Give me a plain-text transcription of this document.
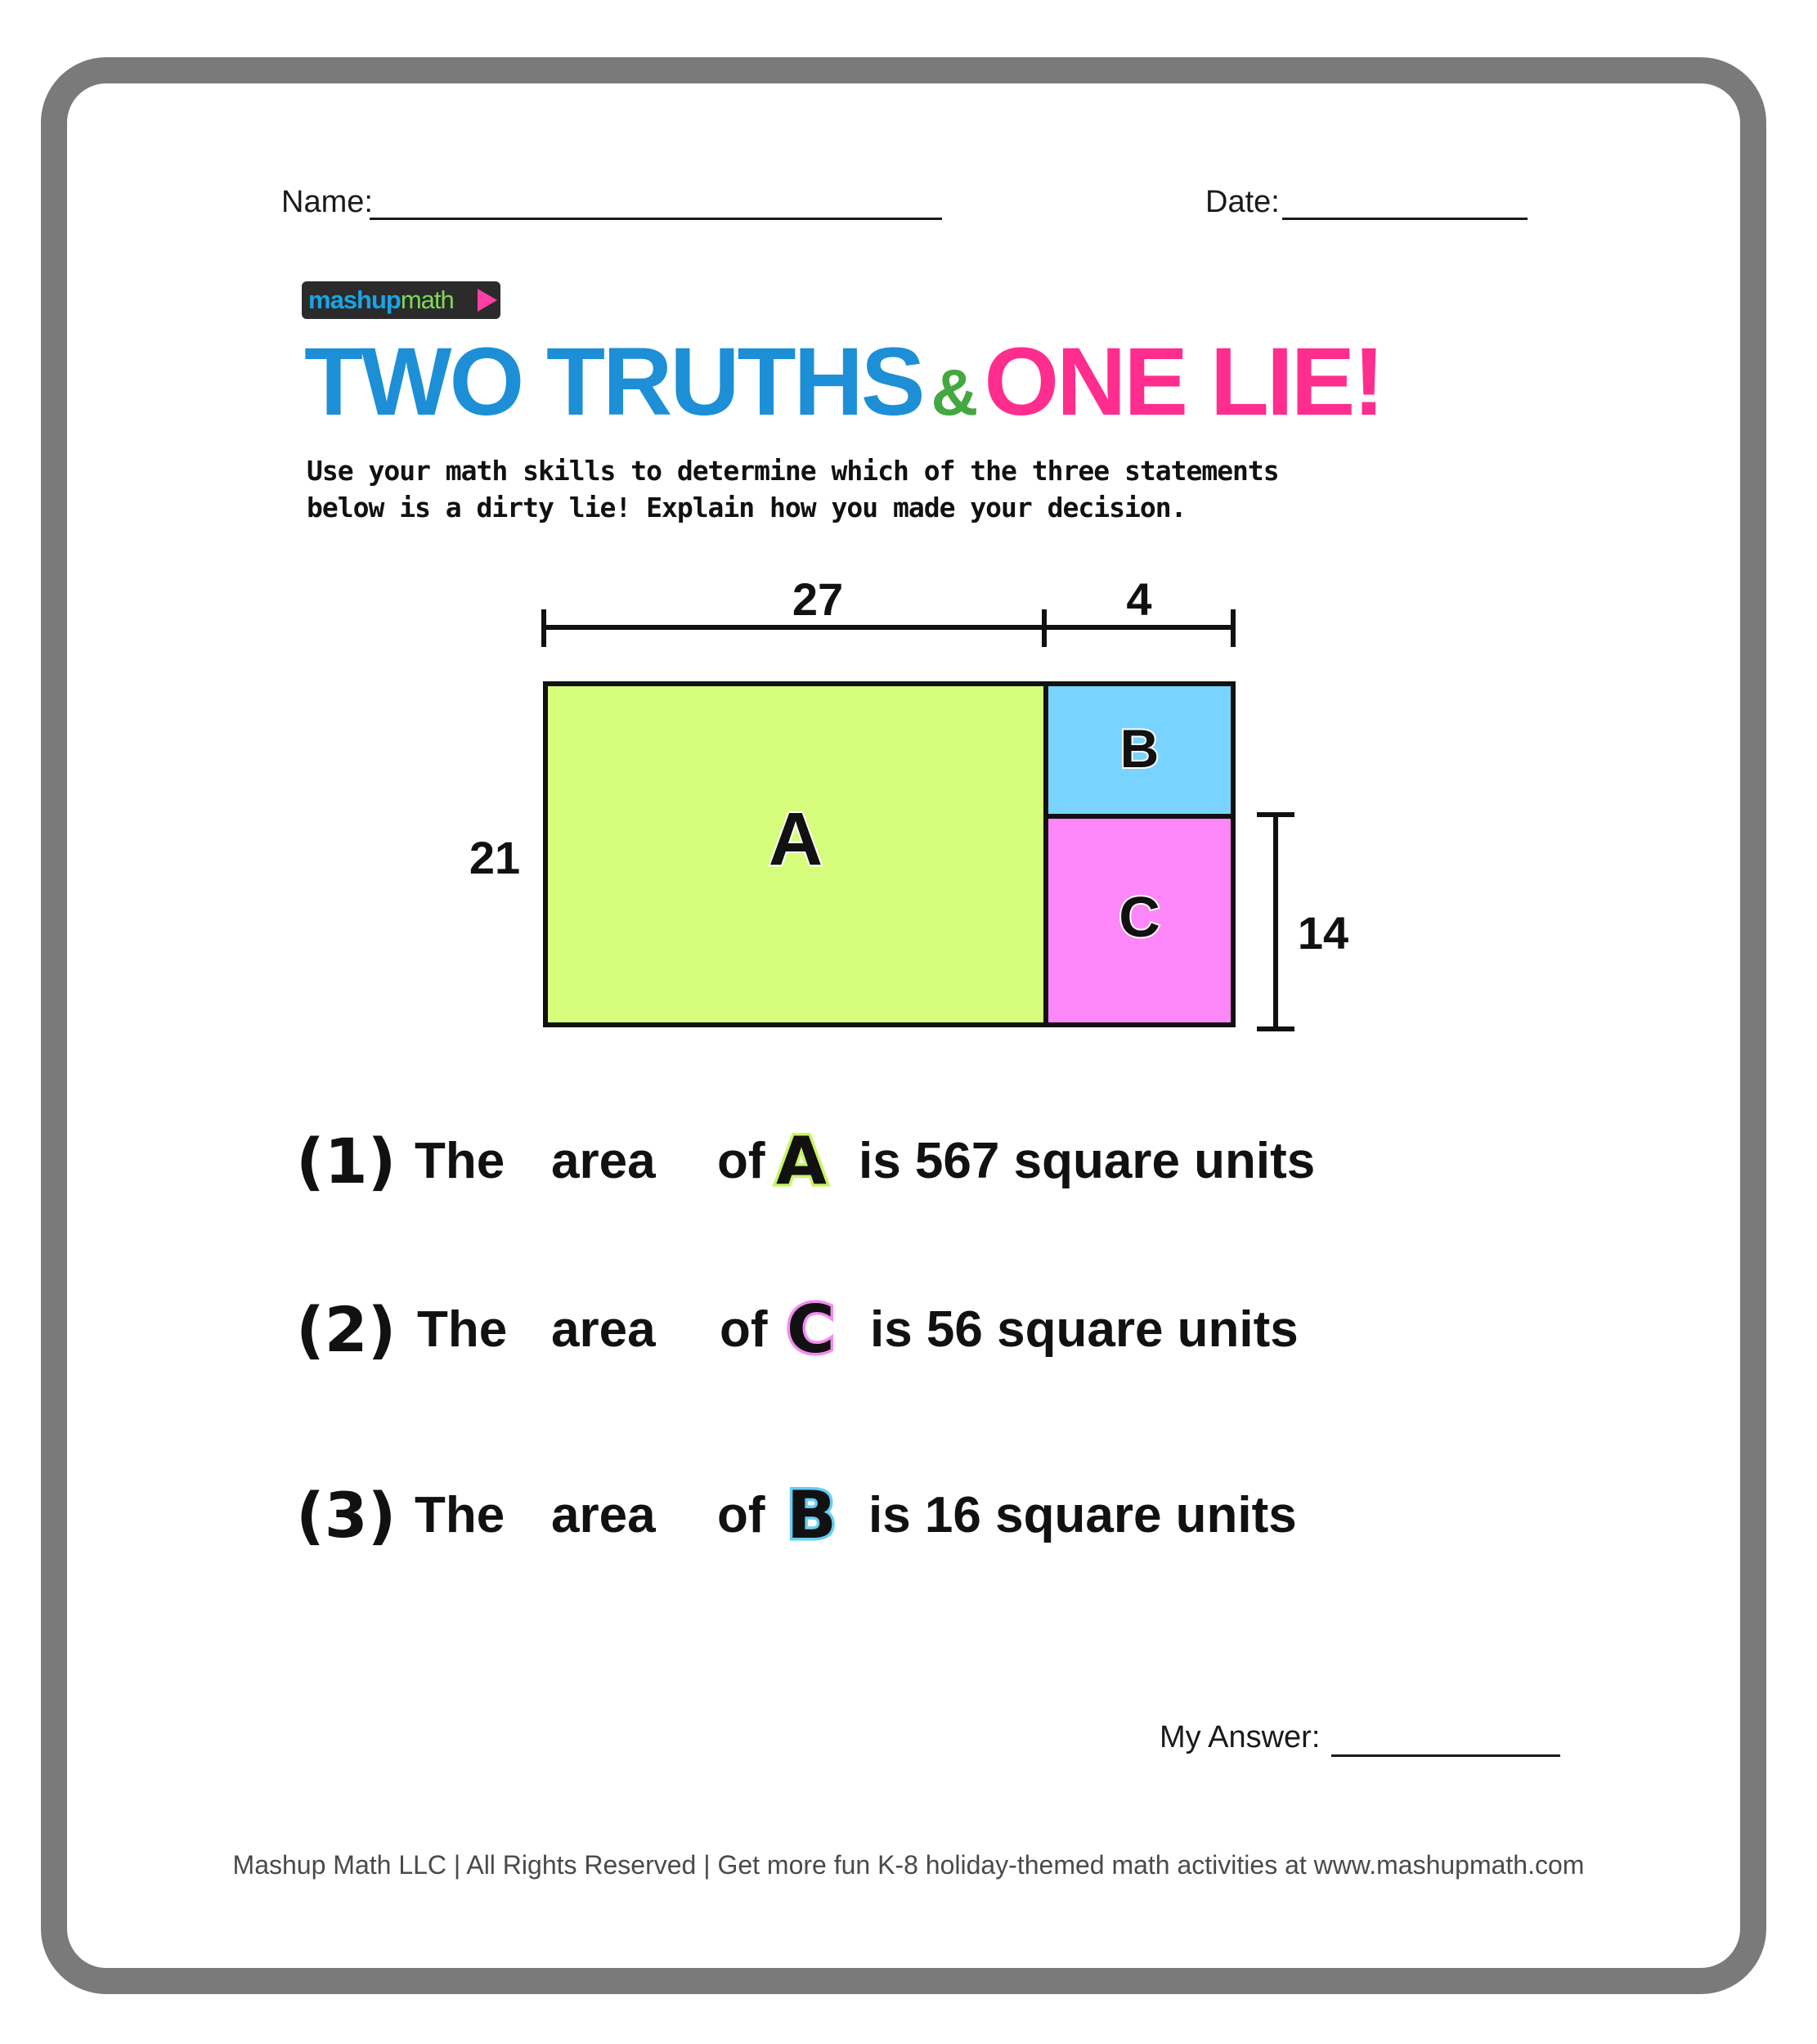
Name:	Date:
mashup math
TWO TRUTHS &ONE LIE!
Use your math skills to determine which of the three statements
below is a dirty lie! Explain how you made your decision.
27	4
21
14
A
B
C
(1) The area of A is 567 square units
(2) The area of C is 56 square units
(3) The area of B is 16 square units
My Answer:
Mashup Math LLC | All Rights Reserved | Get more fun K-8 holiday-themed math activities at www.mashupmath.com
